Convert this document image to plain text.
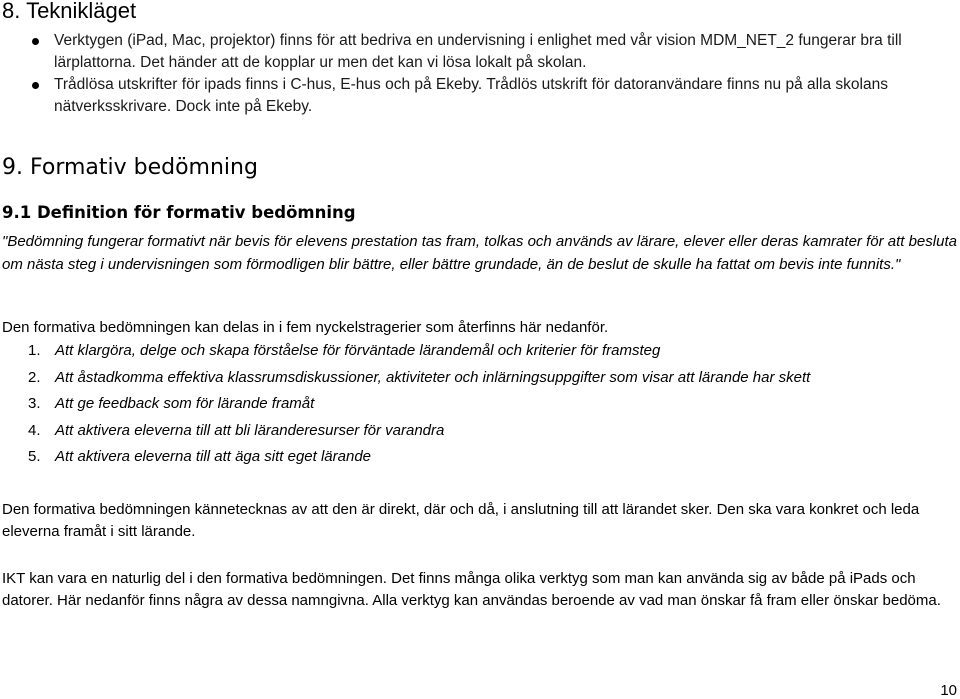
8. Teknikläget
Verktygen (iPad, Mac, projektor) finns för att bedriva en undervisning i enlighet med vår vision MDM_NET_2 fungerar bra till lärplattorna. Det händer att de kopplar ur men det kan vi lösa lokalt på skolan.
Trådlösa utskrifter för ipads finns i C-hus, E-hus och på Ekeby. Trådlös utskrift för datoranvändare finns nu på alla skolans nätverksskrivare. Dock inte på Ekeby.
9. Formativ bedömning
9.1 Definition för formativ bedömning

"Bedömning fungerar formativt när bevis för elevens prestation tas fram, tolkas och används av lärare, elever eller deras kamrater för att besluta om nästa steg i undervisningen som förmodligen blir bättre, eller bättre grundade, än de beslut de skulle ha fattat om bevis inte funnits."

Den formativa bedömningen kan delas in i fem nyckelstragerier som återfinns här nedanför.

1. Att klargöra, delge och skapa förståelse för förväntade lärandemål och kriterier för framsteg
2. Att åstadkomma effektiva klassrumsdiskussioner, aktiviteter och inlärningsuppgifter som visar att lärande har skett
3. Att ge feedback som för lärande framåt
4. Att aktivera eleverna till att bli läranderesurser för varandra
5. Att aktivera eleverna till att äga sitt eget lärande

Den formativa bedömningen kännetecknas av att den är direkt, där och då, i anslutning till att lärandet sker. Den ska vara konkret och leda eleverna framåt i sitt lärande.

IKT kan vara en naturlig del i den formativa bedömningen. Det finns många olika verktyg som man kan använda sig av både på iPads och datorer. Här nedanför finns några av dessa namngivna. Alla verktyg kan användas beroende av vad man önskar få fram eller önskar bedöma.

10
